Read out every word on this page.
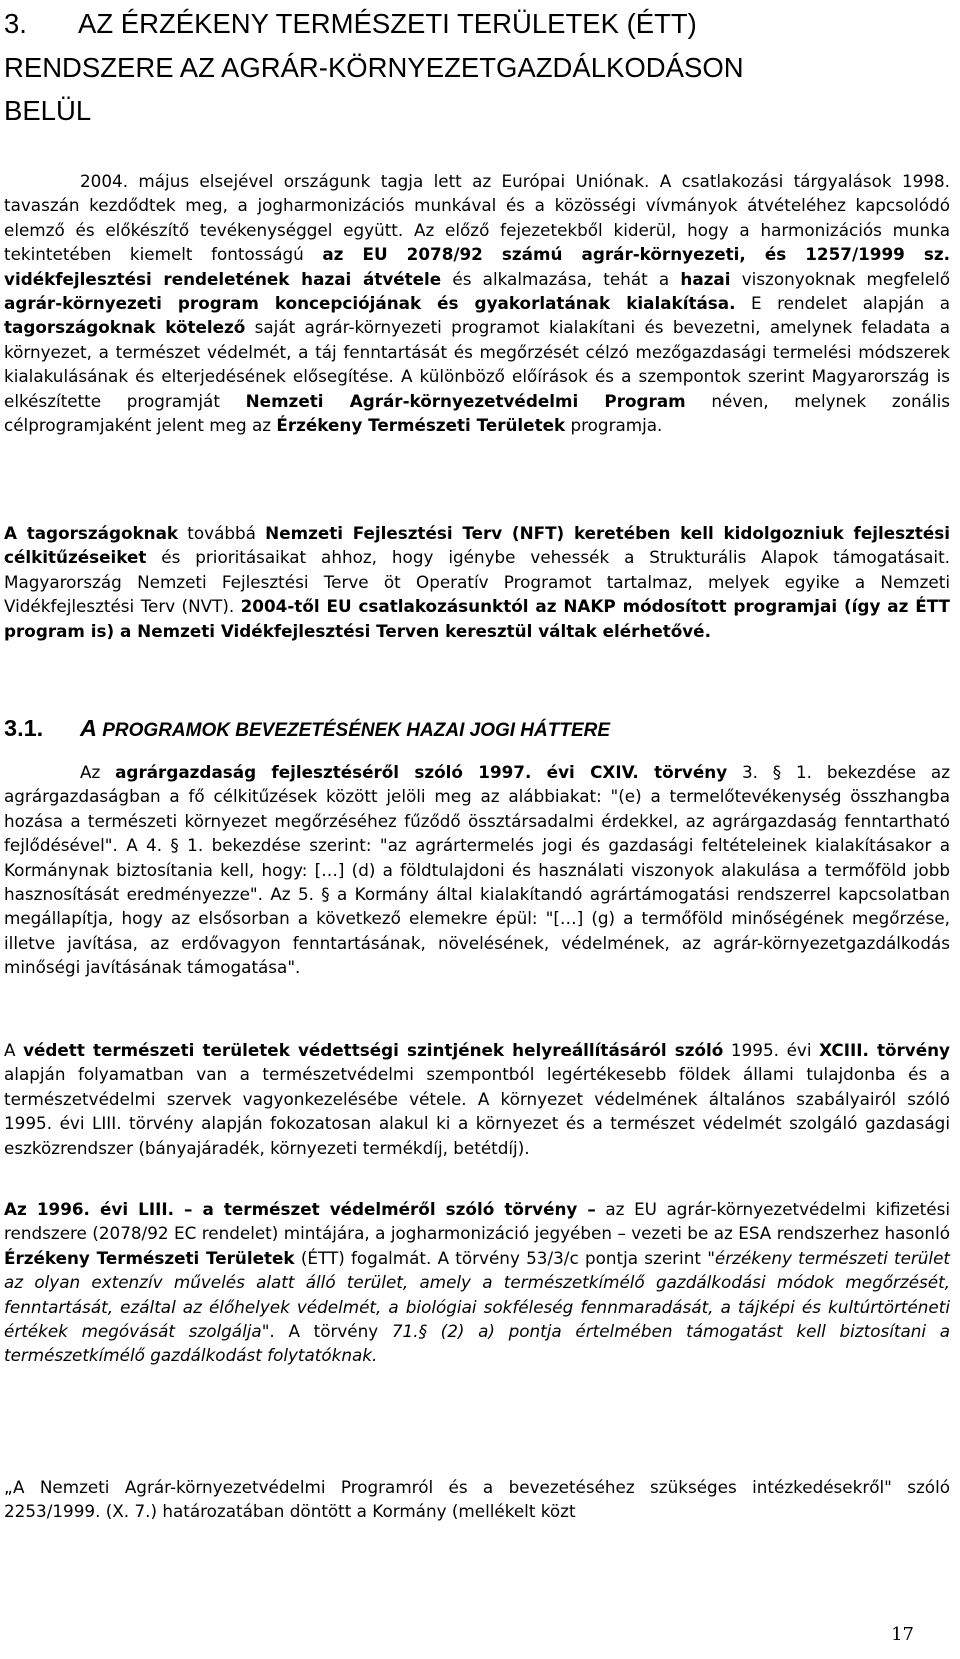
3. AZ ÉRZÉKENY TERMÉSZETI TERÜLETEK (ÉTT)
RENDSZERE AZ AGRÁR-KÖRNYEZETGAZDÁLKODÁSON
BELÜL

2004. május elsejével országunk tagja lett az Európai Uniónak. A csatlakozási tárgyalások 1998. tavaszán kezdődtek meg, a jogharmonizációs munkával és a közösségi vívmányok átvételéhez kapcsolódó elemző és előkészítő tevékenységgel együtt. Az előző fejezetekből kiderül, hogy a harmonizációs munka tekintetében kiemelt fontosságú az EU 2078/92 számú agrár-környezeti, és 1257/1999 sz. vidékfejlesztési rendeletének hazai átvétele és alkalmazása, tehát a hazai viszonyoknak megfelelő agrár-környezeti program koncepciójának és gyakorlatának kialakítása. E rendelet alapján a tagországoknak kötelező saját agrár-környezeti programot kialakítani és bevezetni, amelynek feladata a környezet, a természet védelmét, a táj fenntartását és megőrzését célzó mezőgazdasági termelési módszerek kialakulásának és elterjedésének elősegítése. A különböző előírások és a szempontok szerint Magyarország is elkészítette programját Nemzeti Agrár-környezetvédelmi Program néven, melynek zonális célprogramjaként jelent meg az Érzékeny Természeti Területek programja.

A tagországoknak továbbá Nemzeti Fejlesztési Terv (NFT) keretében kell kidolgozniuk fejlesztési célkitűzéseiket és prioritásaikat ahhoz, hogy igénybe vehessék a Strukturális Alapok támogatásait. Magyarország Nemzeti Fejlesztési Terve öt Operatív Programot tartalmaz, melyek egyike a Nemzeti Vidékfejlesztési Terv (NVT). 2004-től EU csatlakozásunktól az NAKP módosított programjai (így az ÉTT program is) a Nemzeti Vidékfejlesztési Terven keresztül váltak elérhetővé.

3.1. A PROGRAMOK BEVEZETÉSÉNEK HAZAI JOGI HÁTTERE

Az agrárgazdaság fejlesztéséről szóló 1997. évi CXIV. törvény 3. § 1. bekezdése az agrárgazdaságban a fő célkitűzések között jelöli meg az alábbiakat: "(e) a termelőtevékenység összhangba hozása a természeti környezet megőrzéséhez fűződő össztársadalmi érdekkel, az agrárgazdaság fenntartható fejlődésével". A 4. § 1. bekezdése szerint: "az agrártermelés jogi és gazdasági feltételeinek kialakításakor a Kormánynak biztosítania kell, hogy: […] (d) a földtulajdoni és használati viszonyok alakulása a termőföld jobb hasznosítását eredményezze". Az 5. § a Kormány által kialakítandó agrártámogatási rendszerrel kapcsolatban megállapítja, hogy az elsősorban a következő elemekre épül: "[…] (g) a termőföld minőségének megőrzése, illetve javítása, az erdővagyon fenntartásának, növelésének, védelmének, az agrár-környezetgazdálkodás minőségi javításának támogatása".

A védett természeti területek védettségi szintjének helyreállításáról szóló 1995. évi XCIII. törvény alapján folyamatban van a természetvédelmi szempontból legértékesebb földek állami tulajdonba és a természetvédelmi szervek vagyonkezelésébe vétele. A környezet védelmének általános szabályairól szóló 1995. évi LIII. törvény alapján fokozatosan alakul ki a környezet és a természet védelmét szolgáló gazdasági eszközrendszer (bányajáradék, környezeti termékdíj, betétdíj).

Az 1996. évi LIII. – a természet védelméről szóló törvény – az EU agrár-környezetvédelmi kifizetési rendszere (2078/92 EC rendelet) mintájára, a jogharmonizáció jegyében – vezeti be az ESA rendszerhez hasonló Érzékeny Természeti Területek (ÉTT) fogalmát. A törvény 53/3/c pontja szerint "érzékeny természeti terület az olyan extenzív művelés alatt álló terület, amely a természetkímélő gazdálkodási módok megőrzését, fenntartását, ezáltal az élőhelyek védelmét, a biológiai sokféleség fennmaradását, a tájképi és kultúrtörténeti értékek megóvását szolgálja". A törvény 71.§ (2) a) pontja értelmében támogatást kell biztosítani a természetkímélő gazdálkodást folytatóknak.

„A Nemzeti Agrár-környezetvédelmi Programról és a bevezetéséhez szükséges intézkedésekről" szóló 2253/1999. (X. 7.) határozatában döntött a Kormány (mellékelt közt

17
